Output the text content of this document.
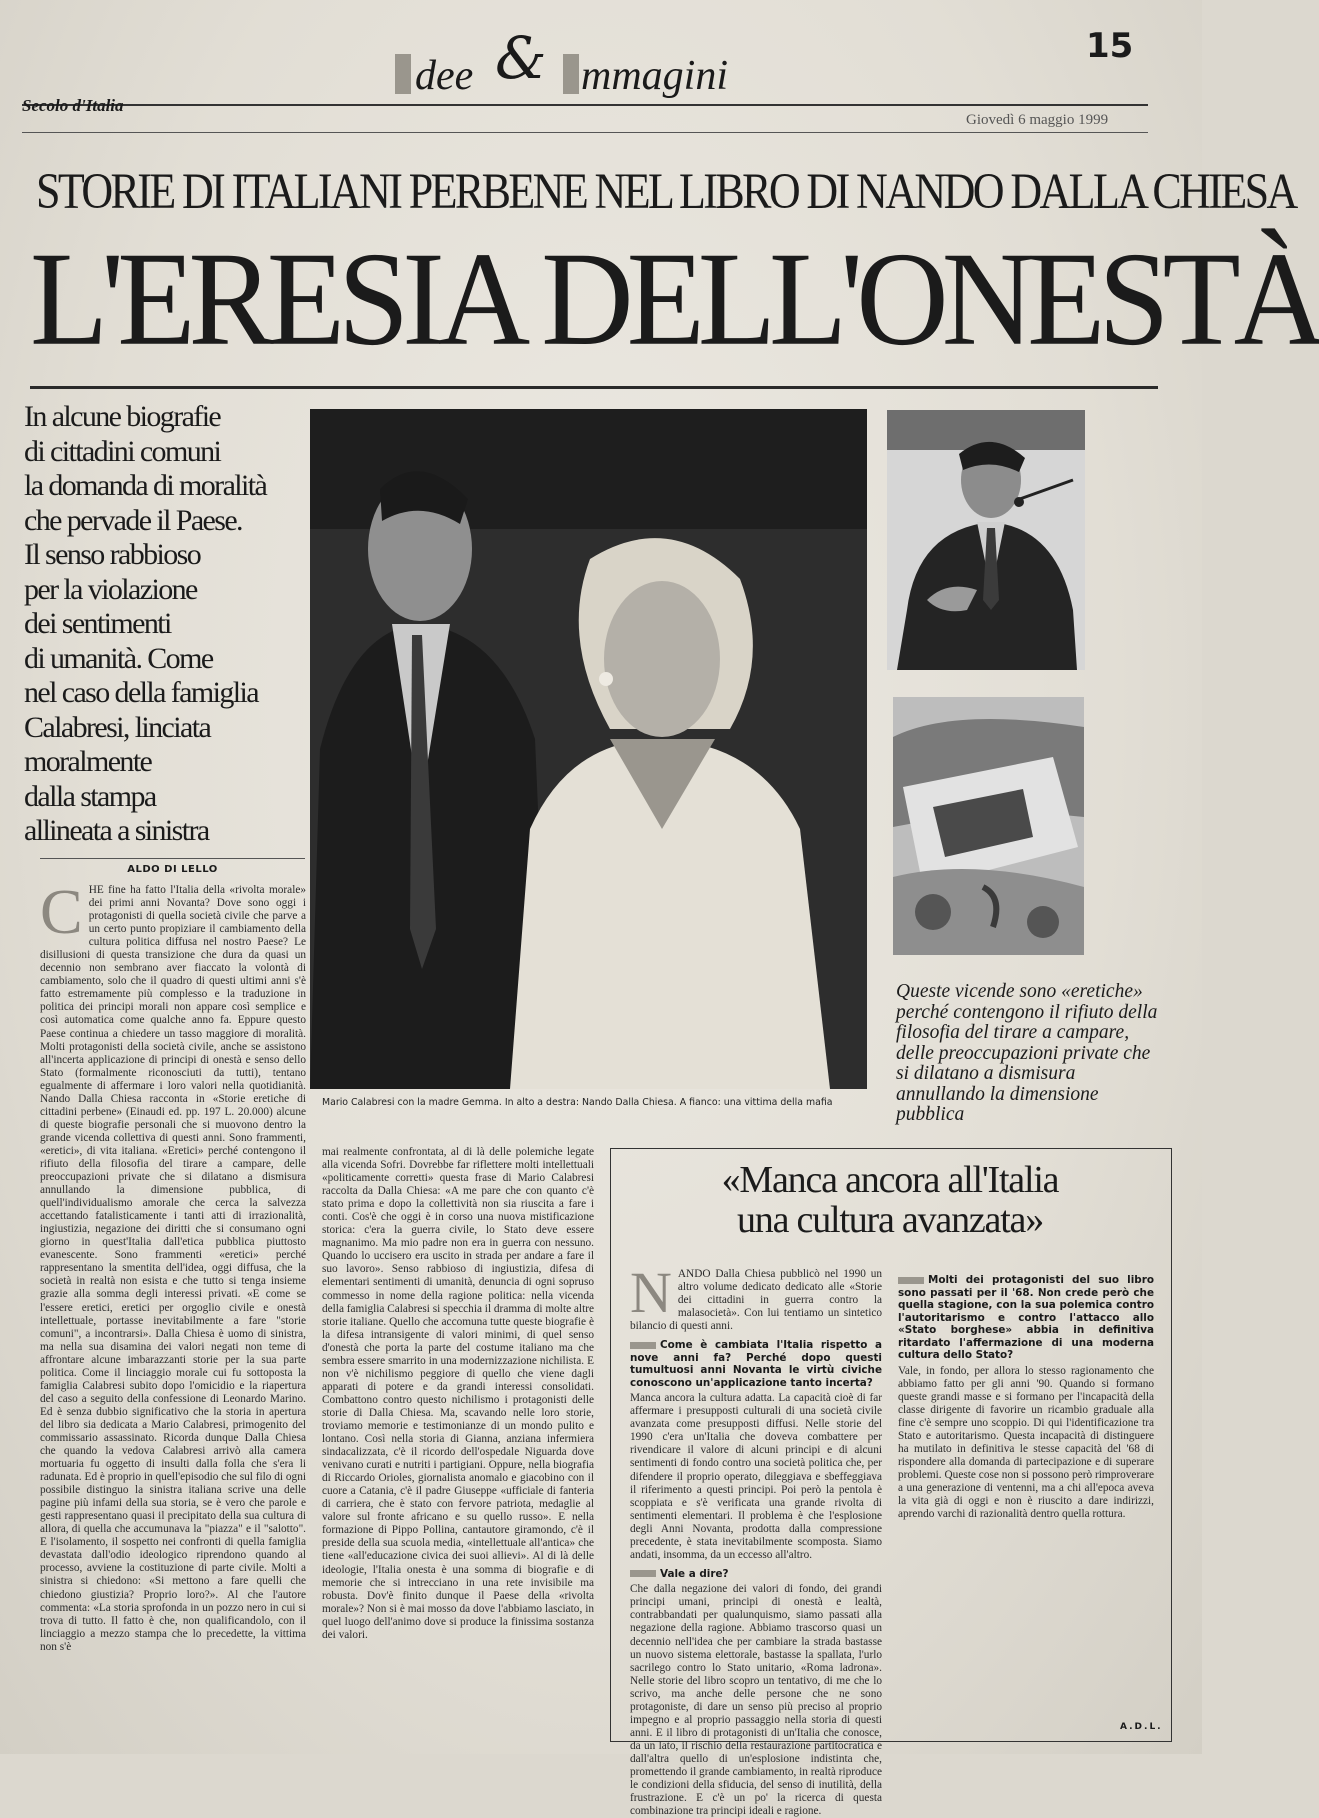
dee & mmagini
15
Secolo d'Italia
Giovedì 6 maggio 1999
STORIE DI ITALIANI PERBENE NEL LIBRO DI NANDO DALLA CHIESA
L'ERESIA DELL'ONESTÀ
In alcune biografie
di cittadini comuni
la domanda di moralità
che pervade il Paese.
Il senso rabbioso
per la violazione
dei sentimenti
di umanità. Come
nel caso della famiglia
Calabresi, linciata
moralmente
dalla stampa
allineata a sinistra
ALDO DI LELLO
CHE fine ha fatto l'Italia della «rivolta morale» dei primi anni Novanta? Dove sono oggi i protagonisti di quella società civile che parve a un certo punto propiziare il cambiamento della cultura politica diffusa nel nostro Paese? Le disillusioni di questa transizione che dura da quasi un decennio non sembrano aver fiaccato la volontà di cambiamento, solo che il quadro di questi ultimi anni s'è fatto estremamente più complesso e la traduzione in politica dei principi morali non appare così semplice e così automatica come qualche anno fa. Eppure questo Paese continua a chiedere un tasso maggiore di moralità. Molti protagonisti della società civile, anche se assistono all'incerta applicazione di principi di onestà e senso dello Stato (formalmente riconosciuti da tutti), tentano egualmente di affermare i loro valori nella quotidianità. Nando Dalla Chiesa racconta in «Storie eretiche di cittadini perbene» (Einaudi ed. pp. 197 L. 20.000) alcune di queste biografie personali che si muovono dentro la grande vicenda collettiva di questi anni. Sono frammenti, «eretici», di vita italiana. «Eretici» perché contengono il rifiuto della filosofia del tirare a campare, delle preoccupazioni private che si dilatano a dismisura annullando la dimensione pubblica, di quell'individualismo amorale che cerca la salvezza accettando fatalisticamente i tanti atti di irrazionalità, ingiustizia, negazione dei diritti che si consumano ogni giorno in quest'Italia dall'etica pubblica piuttosto evanescente. Sono frammenti «eretici» perché rappresentano la smentita dell'idea, oggi diffusa, che la società in realtà non esista e che tutto si tenga insieme grazie alla somma degli interessi privati. «E come se l'essere eretici, eretici per orgoglio civile e onestà intellettuale, portasse inevitabilmente a fare "storie comuni", a incontrarsi». Dalla Chiesa è uomo di sinistra, ma nella sua disamina dei valori negati non teme di affrontare alcune imbarazzanti storie per la sua parte politica. Come il linciaggio morale cui fu sottoposta la famiglia Calabresi subito dopo l'omicidio e la riapertura del caso a seguito della confessione di Leonardo Marino. Ed è senza dubbio significativo che la storia in apertura del libro sia dedicata a Mario Calabresi, primogenito del commissario assassinato. Ricorda dunque Dalla Chiesa che quando la vedova Calabresi arrivò alla camera mortuaria fu oggetto di insulti dalla folla che s'era li radunata. Ed è proprio in quell'episodio che sul filo di ogni possibile distinguo la sinistra italiana scrive una delle pagine più infami della sua storia, se è vero che parole e gesti rappresentano quasi il precipitato della sua cultura di allora, di quella che accumunava la "piazza" e il "salotto". E l'isolamento, il sospetto nei confronti di quella famiglia devastata dall'odio ideologico riprendono quando al processo, avviene la costituzione di parte civile. Molti a sinistra si chiedono: «Si mettono a fare quelli che chiedono giustizia? Proprio loro?». Al che l'autore commenta: «La storia sprofonda in un pozzo nero in cui si trova di tutto. Il fatto è che, non qualificandolo, con il linciaggio a mezzo stampa che lo precedette, la vittima non s'è
mai realmente confrontata, al di là delle polemiche legate alla vicenda Sofri. Dovrebbe far riflettere molti intellettuali «politicamente corretti» questa frase di Mario Calabresi raccolta da Dalla Chiesa: «A me pare che con quanto c'è stato prima e dopo la collettività non sia riuscita a fare i conti. Cos'è che oggi è in corso una nuova mistificazione storica: c'era la guerra civile, lo Stato deve essere magnanimo. Ma mio padre non era in guerra con nessuno. Quando lo uccisero era uscito in strada per andare a fare il suo lavoro». Senso rabbioso di ingiustizia, difesa di elementari sentimenti di umanità, denuncia di ogni sopruso commesso in nome della ragione politica: nella vicenda della famiglia Calabresi si specchia il dramma di molte altre storie italiane. Quello che accomuna tutte queste biografie è la difesa intransigente di valori minimi, di quel senso d'onestà che porta la parte del costume italiano ma che sembra essere smarrito in una modernizzazione nichilista. E non v'è nichilismo peggiore di quello che viene dagli apparati di potere e da grandi interessi consolidati. Combattono contro questo nichilismo i protagonisti delle storie di Dalla Chiesa. Ma, scavando nelle loro storie, troviamo memorie e testimonianze di un mondo pulito e lontano. Così nella storia di Gianna, anziana infermiera sindacalizzata, c'è il ricordo dell'ospedale Niguarda dove venivano curati e nutriti i partigiani. Oppure, nella biografia di Riccardo Orioles, giornalista anomalo e giacobino con il cuore a Catania, c'è il padre Giuseppe «ufficiale di fanteria di carriera, che è stato con fervore patriota, medaglie al valore sul fronte africano e su quello russo». E nella formazione di Pippo Pollina, cantautore giramondo, c'è il preside della sua scuola media, «intellettuale all'antica» che tiene «all'educazione civica dei suoi allievi». Al di là delle ideologie, l'Italia onesta è una somma di biografie e di memorie che si intrecciano in una rete invisibile ma robusta. Dov'è finito dunque il Paese della «rivolta morale»? Non si è mai mosso da dove l'abbiamo lasciato, in quel luogo dell'animo dove si produce la finissima sostanza dei valori.
Mario Calabresi con la madre Gemma. In alto a destra: Nando Dalla Chiesa. A fianco: una vittima della mafia
Queste vicende sono «eretiche» perché contengono il rifiuto della filosofia del tirare a campare, delle preoccupazioni private che si dilatano a dismisura annullando la dimensione pubblica
«Manca ancora all'Italia
una cultura avanzata»
NANDO Dalla Chiesa pubblicò nel 1990 un altro volume dedicato dedicato alle «Storie dei cittadini in guerra contro la malasocietà». Con lui tentiamo un sintetico bilancio di questi anni.
Come è cambiata l'Italia rispetto a nove anni fa? Perché dopo questi tumultuosi anni Novanta le virtù civiche conoscono un'applicazione tanto incerta?
Manca ancora la cultura adatta. La capacità cioè di far affermare i presupposti culturali di una società civile avanzata come presupposti diffusi. Nelle storie del 1990 c'era un'Italia che doveva combattere per rivendicare il valore di alcuni principi e di alcuni sentimenti di fondo contro una società politica che, per difendere il proprio operato, dileggiava e sbeffeggiava il riferimento a questi principi. Poi però la pentola è scoppiata e s'è verificata una grande rivolta di sentimenti elementari. Il problema è che l'esplosione degli Anni Novanta, prodotta dalla compressione precedente, è stata inevitabilmente scomposta. Siamo andati, insomma, da un eccesso all'altro.
Vale a dire?
Che dalla negazione dei valori di fondo, dei grandi principi umani, principi di onestà e lealtà, contrabbandati per qualunquismo, siamo passati alla negazione della ragione. Abbiamo trascorso quasi un decennio nell'idea che per cambiare la strada bastasse un nuovo sistema elettorale, bastasse la spallata, l'urlo sacrilego contro lo Stato unitario, «Roma ladrona». Nelle storie del libro scopro un tentativo, di me che lo scrivo, ma anche delle persone che ne sono protagoniste, di dare un senso più preciso al proprio impegno e al proprio passaggio nella storia di questi anni. E il libro di protagonisti di un'Italia che conosce, da un lato, il rischio della restaurazione partitocratica e dall'altra quello di un'esplosione indistinta che, promettendo il grande cambiamento, in realtà riproduce le condizioni della sfiducia, del senso di inutilità, della frustrazione. E c'è un po' la ricerca di questa combinazione tra principi ideali e ragione.
Molti dei protagonisti del suo libro sono passati per il '68. Non crede però che quella stagione, con la sua polemica contro l'autoritarismo e contro l'attacco allo «Stato borghese» abbia in definitiva ritardato l'affermazione di una moderna cultura dello Stato?
Vale, in fondo, per allora lo stesso ragionamento che abbiamo fatto per gli anni '90. Quando si formano queste grandi masse e si formano per l'incapacità della classe dirigente di favorire un ricambio graduale alla fine c'è sempre uno scoppio. Di qui l'identificazione tra Stato e autoritarismo. Questa incapacità di distinguere ha mutilato in definitiva le stesse capacità del '68 di rispondere alla domanda di partecipazione e di superare problemi. Queste cose non si possono però rimproverare a una generazione di ventenni, ma a chi all'epoca aveva la vita già di oggi e non è riuscito a dare indirizzi, aprendo varchi di razionalità dentro quella rottura.
A.D.L.
